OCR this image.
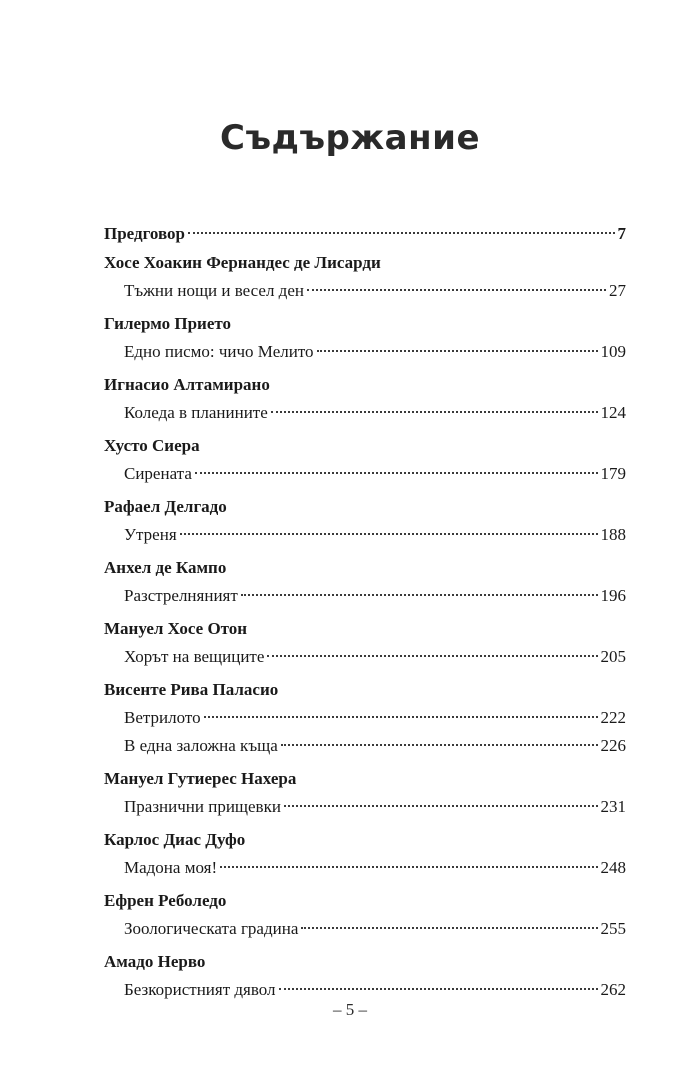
Съдържание
Предговор	7
Хосе Хоакин Фернандес де Лисарди
Тъжни нощи и весел ден	27
Гилермо Прието
Едно писмо: чичо Мелито	109
Игнасио Алтамирано
Коледа в планините	124
Хусто Сиера
Сирената	179
Рафаел Делгадо
Утреня	188
Анхел де Кампо
Разстрелняният	196
Мануел Хосе Отон
Хорът на вещиците	205
Висенте Рива Паласио
Ветрилото	222
В една заложна къща	226
Мануел Гутиерес Нахера
Празнични прищевки	231
Карлос Диас Дуфо
Мадона моя!	248
Ефрен Реболедо
Зоологическата градина	255
Амадо Нерво
Безкористният дявол	262
– 5 –
